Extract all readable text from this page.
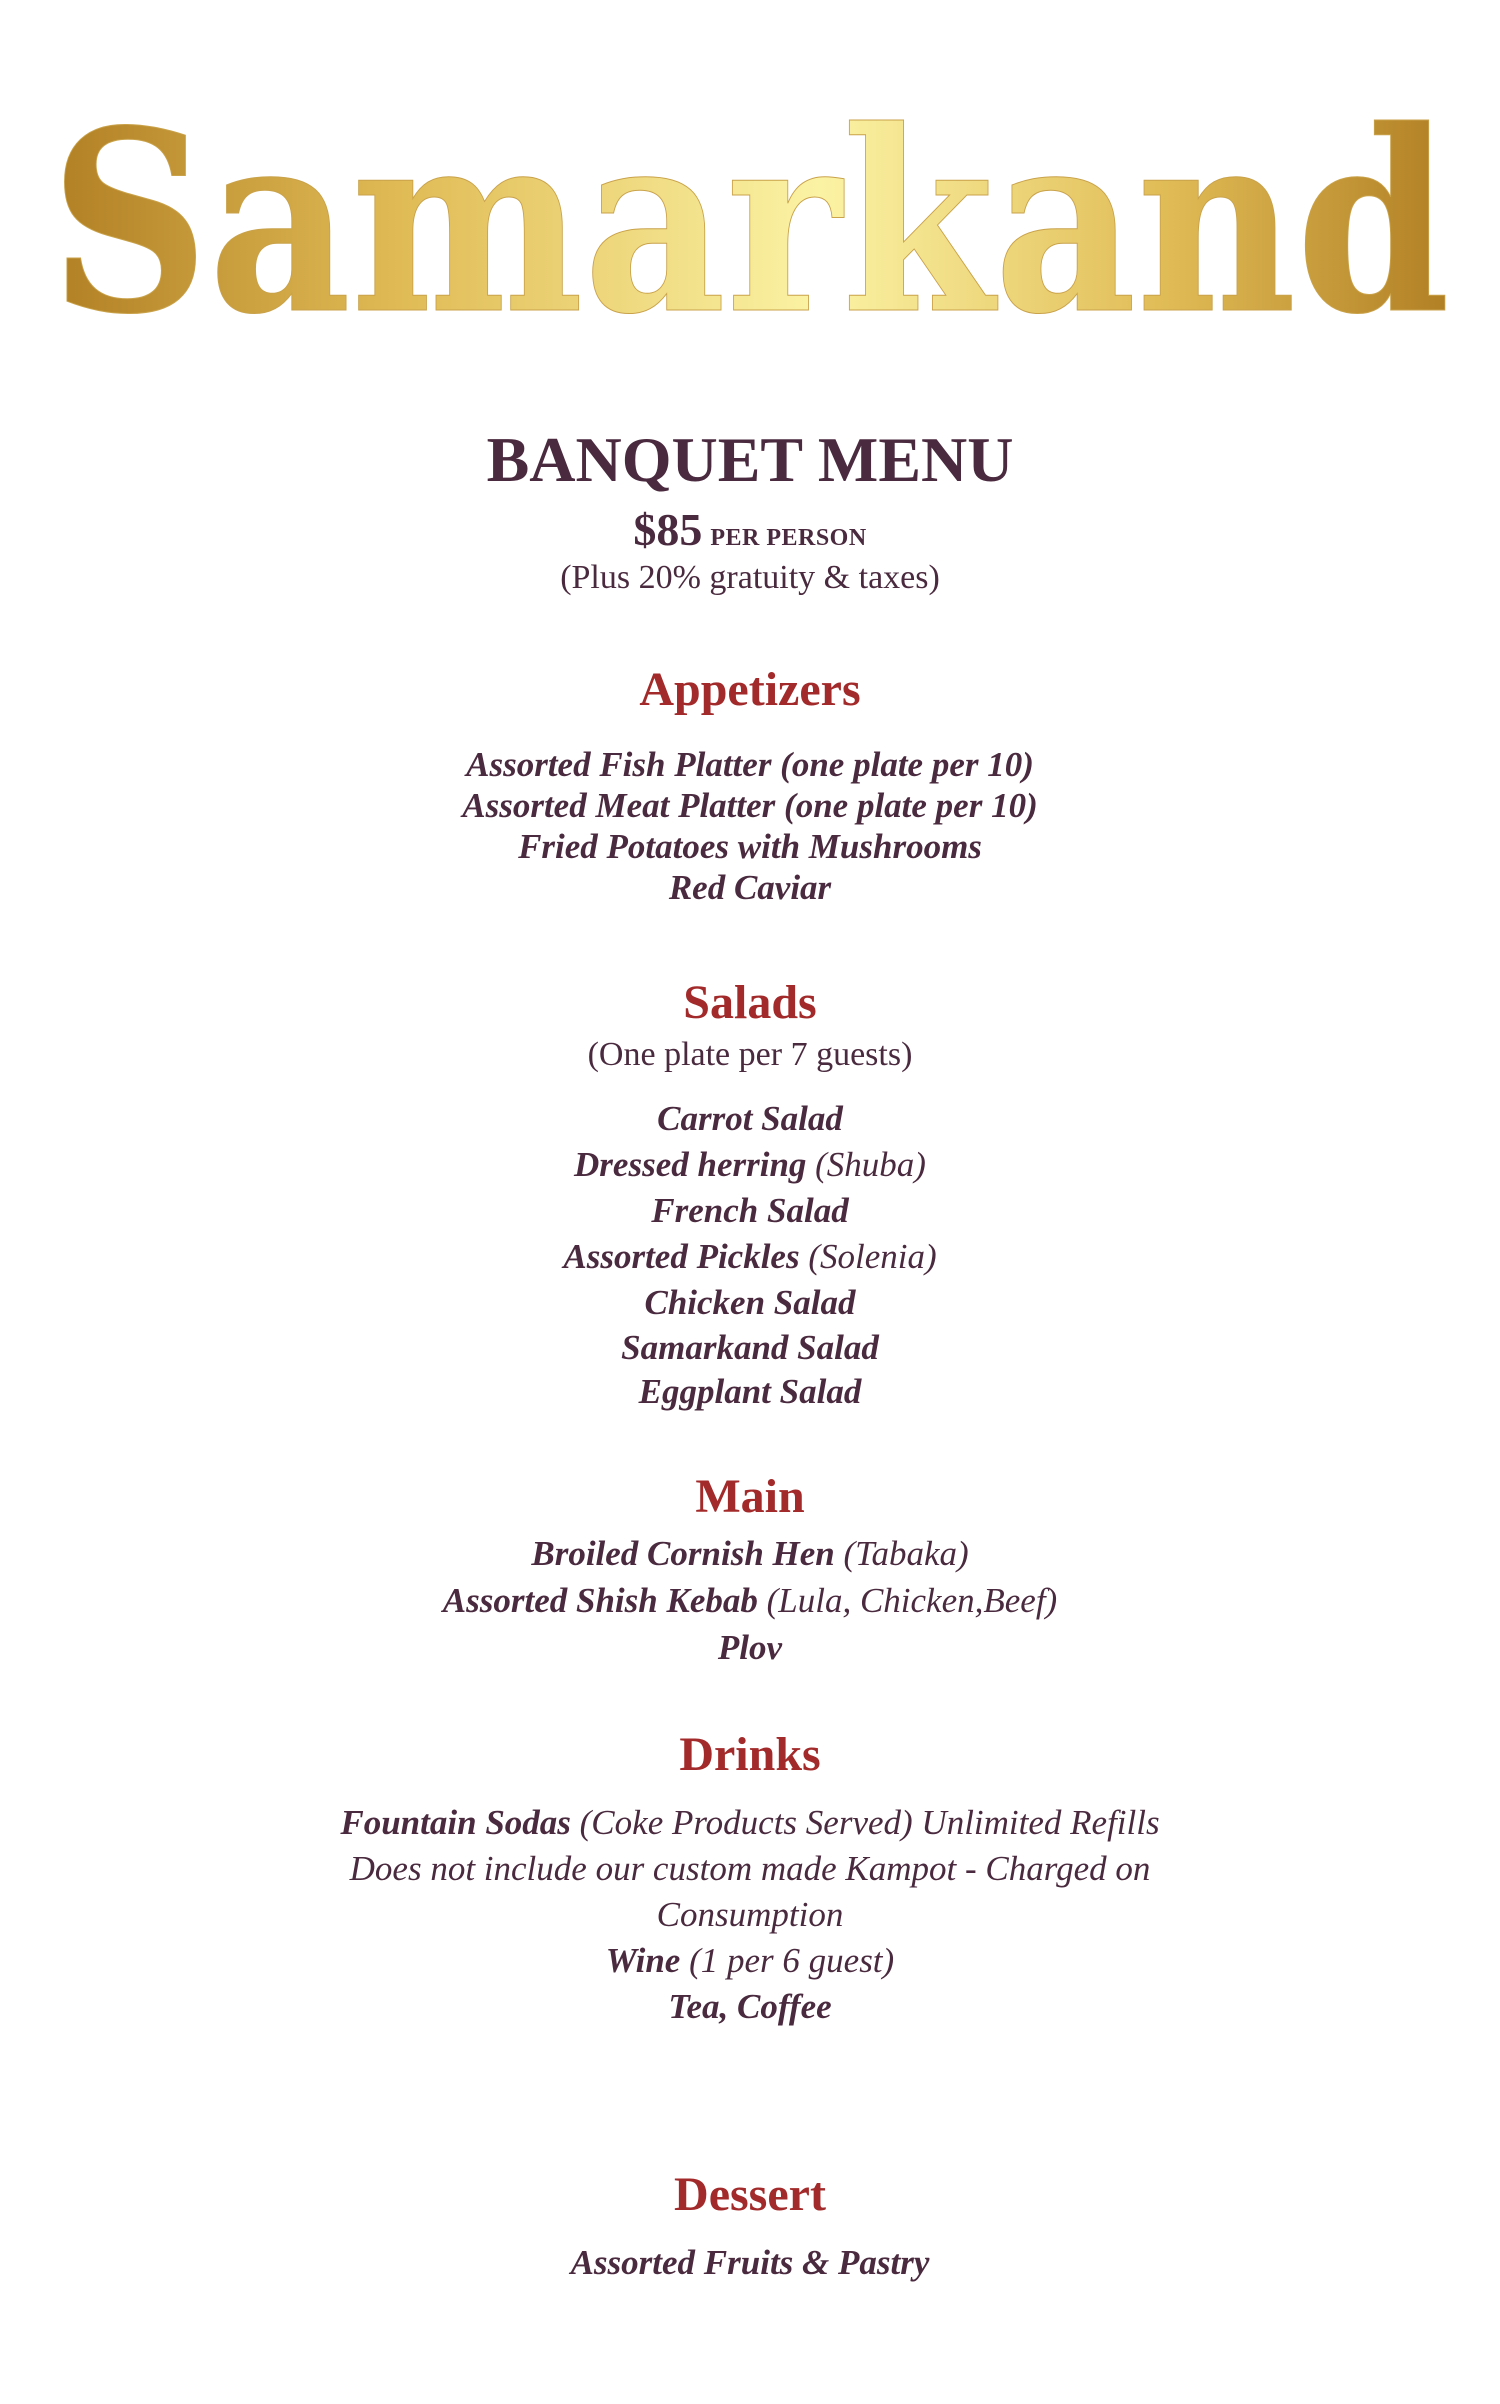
Samarkand
BANQUET MENU
$85 PER PERSON
(Plus 20% gratuity & taxes)
Appetizers
Assorted Fish Platter (one plate per 10)
Assorted Meat Platter (one plate per 10)
Fried Potatoes with Mushrooms
Red Caviar
Salads
(One plate per 7 guests)
Carrot Salad
Dressed herring (Shuba)
French Salad
Assorted Pickles (Solenia)
Chicken Salad
Samarkand Salad
Eggplant Salad
Main
Broiled Cornish Hen (Tabaka)
Assorted Shish Kebab (Lula, Chicken,Beef)
Plov
Drinks
Fountain Sodas (Coke Products Served) Unlimited Refills
Does not include our custom made Kampot - Charged on
Consumption
Wine (1 per 6 guest)
Tea, Coffee
Dessert
Assorted Fruits & Pastry
